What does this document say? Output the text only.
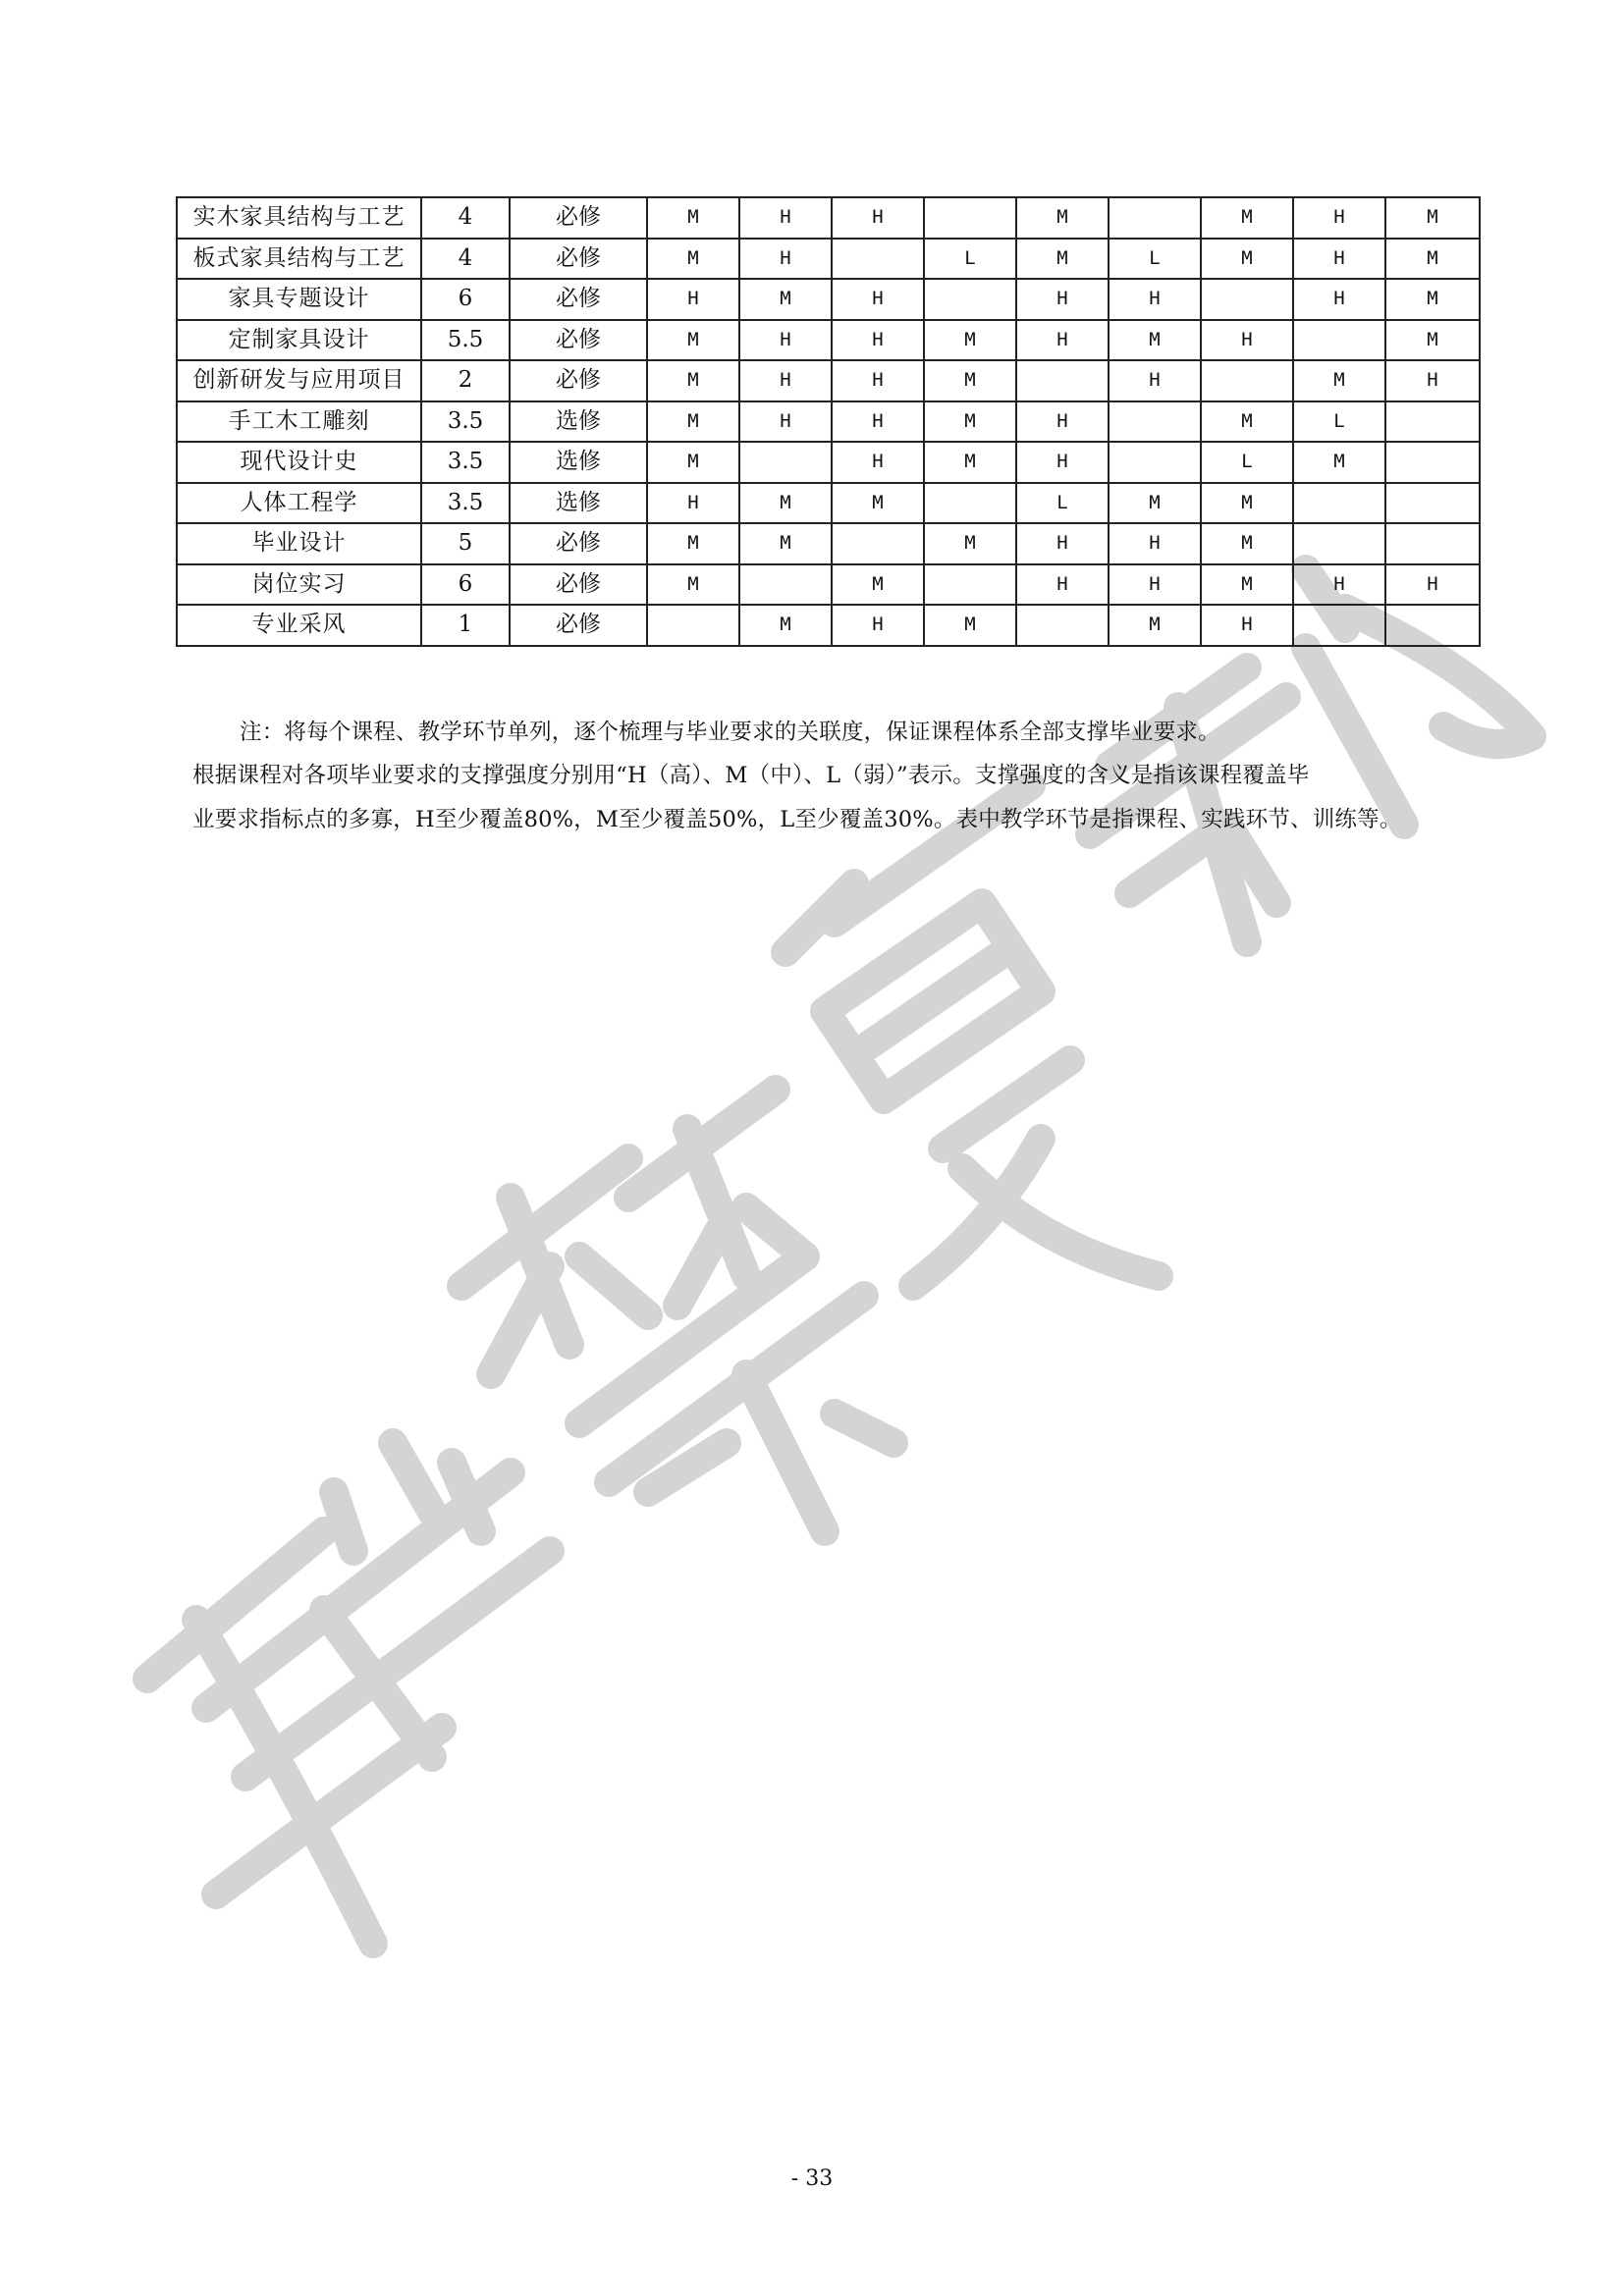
实木家具结构与工艺	4	必修	M	H	H		M		M	H	M
板式家具结构与工艺	4	必修	M	H		L	M	L	M	H	M
家具专题设计	6	必修	H	M	H		H	H		H	M
定制家具设计	5.5	必修	M	H	H	M	H	M	H		M
创新研发与应用项目	2	必修	M	H	H	M		H		M	H
手工木工雕刻	3.5	选修	M	H	H	M	H		M	L	
现代设计史	3.5	选修	M		H	M	H		L	M	
人体工程学	3.5	选修	H	M	M		L	M	M		
毕业设计	5	必修	M	M		M	H	H	M		
岗位实习	6	必修	M		M		H	H	M	H	H
专业采风	1	必修		M	H	M		M	H		
注：将每个课程、教学环节单列，逐个梳理与毕业要求的关联度，保证课程体系全部支撑毕业要求。
根据课程对各项毕业要求的支撑强度分别用“H（高）、M（中）、L（弱）”表示。支撑强度的含义是指该课程覆盖毕
业要求指标点的多寡，H至少覆盖80%，M至少覆盖50%，L至少覆盖30%。表中教学环节是指课程、实践环节、训练等。
- 33
